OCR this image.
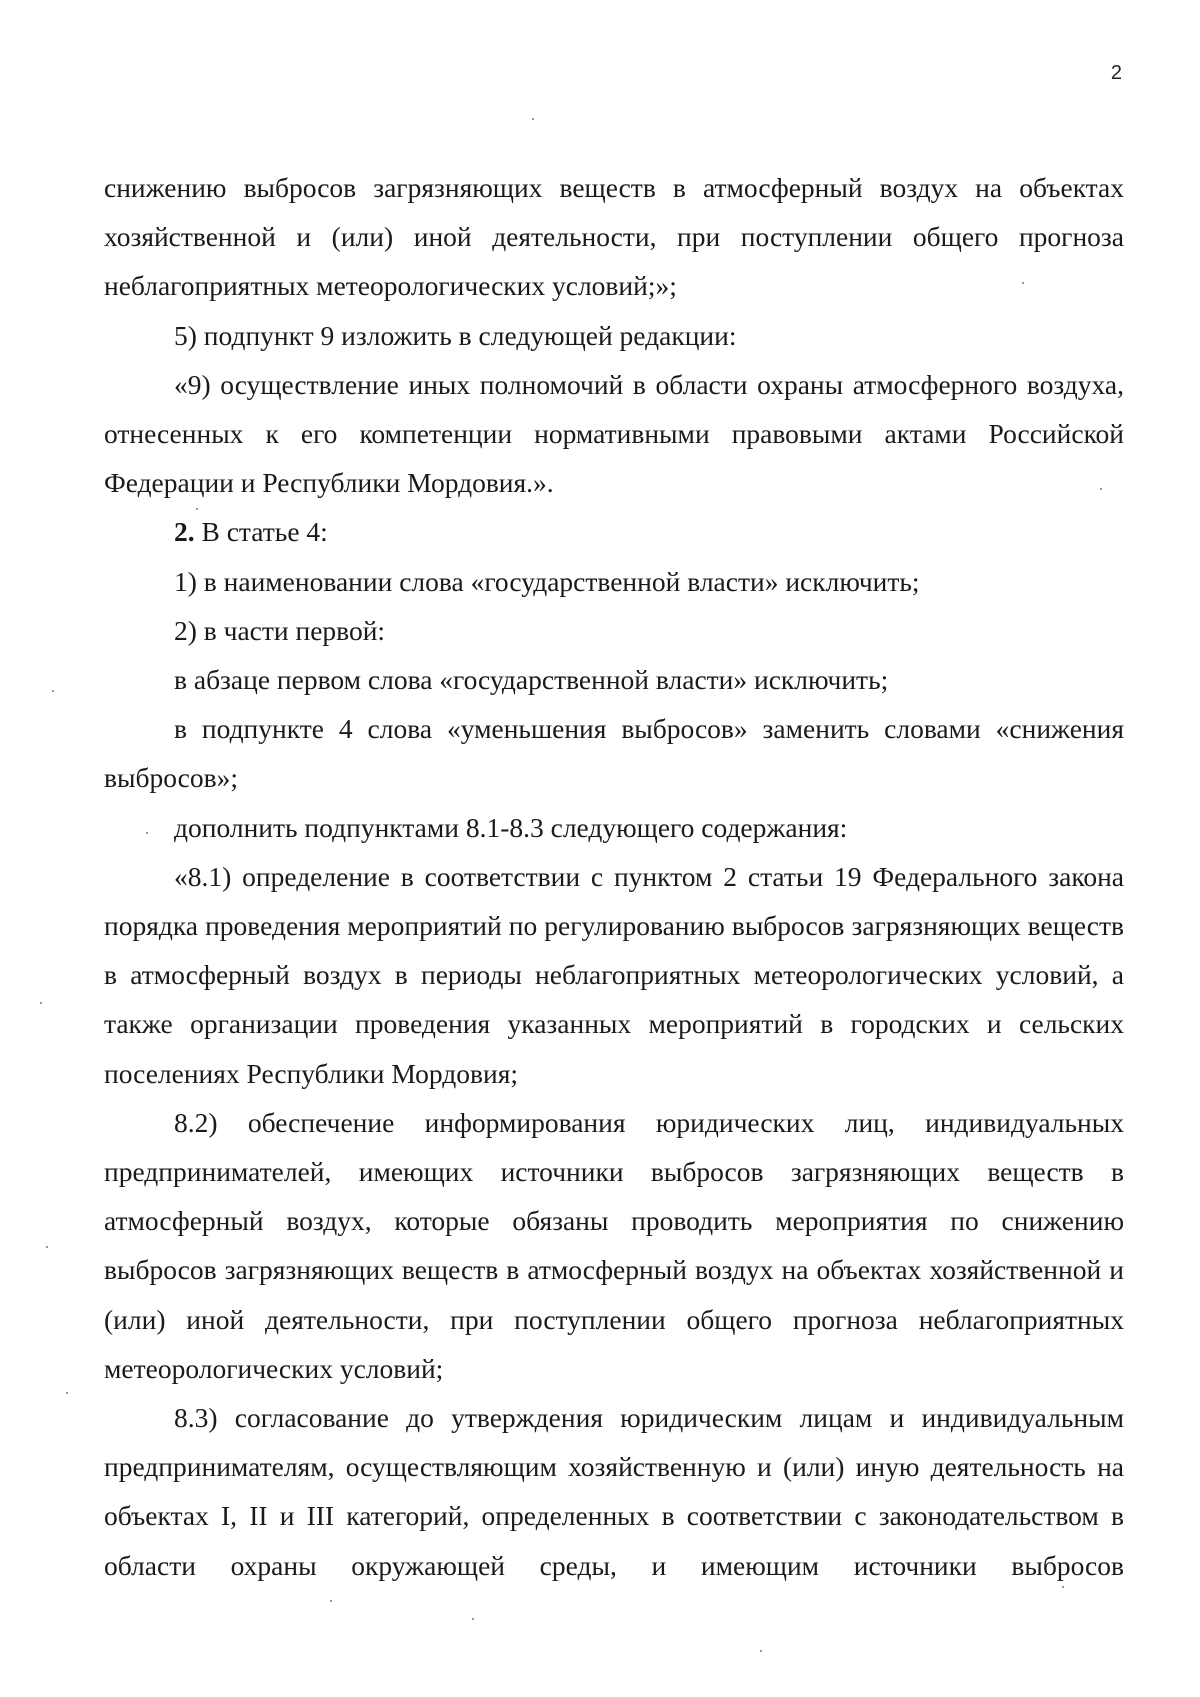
2

снижению выбросов загрязняющих веществ в атмосферный воздух на объектах хозяйственной и (или) иной деятельности, при поступлении общего прогноза неблагоприятных метеорологических условий;»;

5) подпункт 9 изложить в следующей редакции:

«9) осуществление иных полномочий в области охраны атмосферного воздуха, отнесенных к его компетенции нормативными правовыми актами Российской Федерации и Республики Мордовия.».

2. В статье 4:

1) в наименовании слова «государственной власти» исключить;

2) в части первой:

в абзаце первом слова «государственной власти» исключить;

в подпункте 4 слова «уменьшения выбросов» заменить словами «снижения выбросов»;

дополнить подпунктами 8.1-8.3 следующего содержания:

«8.1) определение в соответствии с пунктом 2 статьи 19 Федерального закона порядка проведения мероприятий по регулированию выбросов загрязняющих веществ в атмосферный воздух в периоды неблагоприятных метеорологических условий, а также организации проведения указанных мероприятий в городских и сельских поселениях Республики Мордовия;

8.2) обеспечение информирования юридических лиц, индивидуальных предпринимателей, имеющих источники выбросов загрязняющих веществ в атмосферный воздух, которые обязаны проводить мероприятия по снижению выбросов загрязняющих веществ в атмосферный воздух на объектах хозяйственной и (или) иной деятельности, при поступлении общего прогноза неблагоприятных метеорологических условий;

8.3) согласование до утверждения юридическим лицам и индивидуальным предпринимателям, осуществляющим хозяйственную и (или) иную деятельность на объектах I, II и III категорий, определенных в соответствии с законодательством в области охраны окружающей среды, и имеющим источники выбросов
